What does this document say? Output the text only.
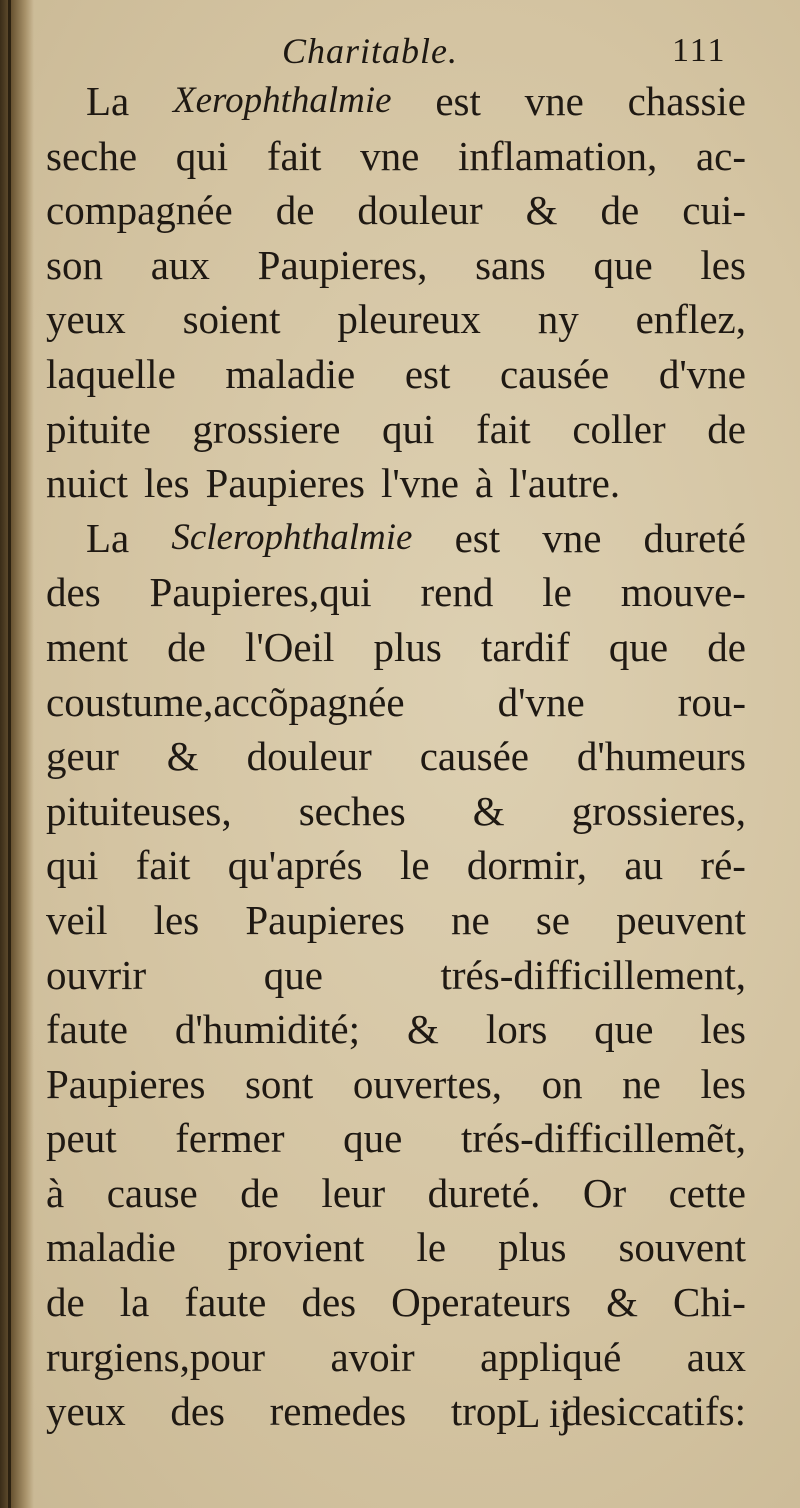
Charitable.	111
La Xerophthalmie est vne chassie
seche qui fait vne inflamation, ac-
compagnée de douleur & de cui-
son aux Paupieres, sans que les
yeux soient pleureux ny enflez,
laquelle maladie est causée d'vne
pituite grossiere qui fait coller de
nuict les Paupieres l'vne à l'autre.
La Sclerophthalmie est vne dureté
des Paupieres,qui rend le mouve-
ment de l'Oeil plus tardif que de
coustume,accõpagnée d'vne rou-
geur & douleur causée d'humeurs
pituiteuses, seches & grossieres,
qui fait qu'aprés le dormir, au ré-
veil les Paupieres ne se peuvent
ouvrir	que	trés-difficillement,
faute d'humidité; & lors que les
Paupieres sont ouvertes, on ne les
peut fermer que trés-difficillemẽt,
à cause de leur dureté. Or cette
maladie provient le plus souvent
de la faute des Operateurs & Chi-
rurgiens,pour avoir appliqué aux
yeux des remedes trop desiccatifs:
L ij
